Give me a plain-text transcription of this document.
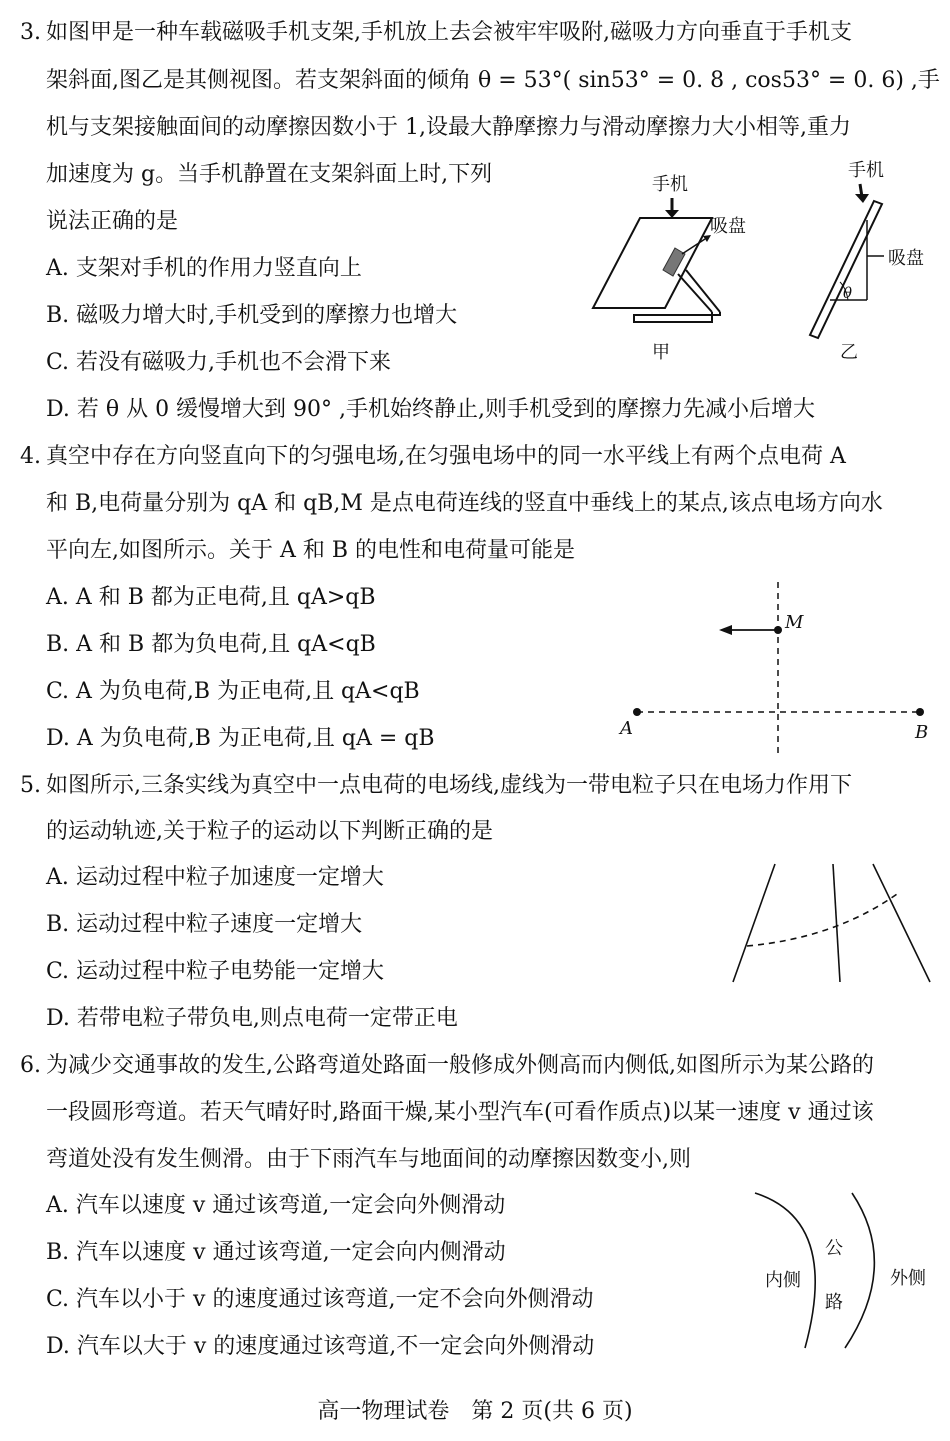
3. 如图甲是一种车载磁吸手机支架,手机放上去会被牢牢吸附,磁吸力方向垂直于手机支
架斜面,图乙是其侧视图。若支架斜面的倾角 θ = 53°( sin53° = 0. 8 , cos53° = 0. 6) ,手
机与支架接触面间的动摩擦因数小于 1,设最大静摩擦力与滑动摩擦力大小相等,重力
加速度为 g。当手机静置在支架斜面上时,下列
说法正确的是
A. 支架对手机的作用力竖直向上
B. 磁吸力增大时,手机受到的摩擦力也增大
C. 若没有磁吸力,手机也不会滑下来
D. 若 θ 从 0 缓慢增大到 90° ,手机始终静止,则手机受到的摩擦力先减小后增大
手机
吸盘
甲
手机
吸盘
θ
乙
4. 真空中存在方向竖直向下的匀强电场,在匀强电场中的同一水平线上有两个点电荷 A
和 B,电荷量分别为 qA 和 qB,M 是点电荷连线的竖直中垂线上的某点,该点电场方向水
平向左,如图所示。关于 A 和 B 的电性和电荷量可能是
A. A 和 B 都为正电荷,且 qA>qB
B. A 和 B 都为负电荷,且 qA<qB
C. A 为负电荷,B 为正电荷,且 qA<qB
D. A 为负电荷,B 为正电荷,且 qA = qB
M
A	B
5. 如图所示,三条实线为真空中一点电荷的电场线,虚线为一带电粒子只在电场力作用下
的运动轨迹,关于粒子的运动以下判断正确的是
A. 运动过程中粒子加速度一定增大
B. 运动过程中粒子速度一定增大
C. 运动过程中粒子电势能一定增大
D. 若带电粒子带负电,则点电荷一定带正电
6. 为减少交通事故的发生,公路弯道处路面一般修成外侧高而内侧低,如图所示为某公路的
一段圆形弯道。若天气晴好时,路面干燥,某小型汽车(可看作质点)以某一速度 v 通过该
弯道处没有发生侧滑。由于下雨汽车与地面间的动摩擦因数变小,则
A. 汽车以速度 v 通过该弯道,一定会向外侧滑动
B. 汽车以速度 v 通过该弯道,一定会向内侧滑动
C. 汽车以小于 v 的速度通过该弯道,一定不会向外侧滑动
D. 汽车以大于 v 的速度通过该弯道,不一定会向外侧滑动
内侧
公
路
外侧
高一物理试卷　第 2 页(共 6 页)
